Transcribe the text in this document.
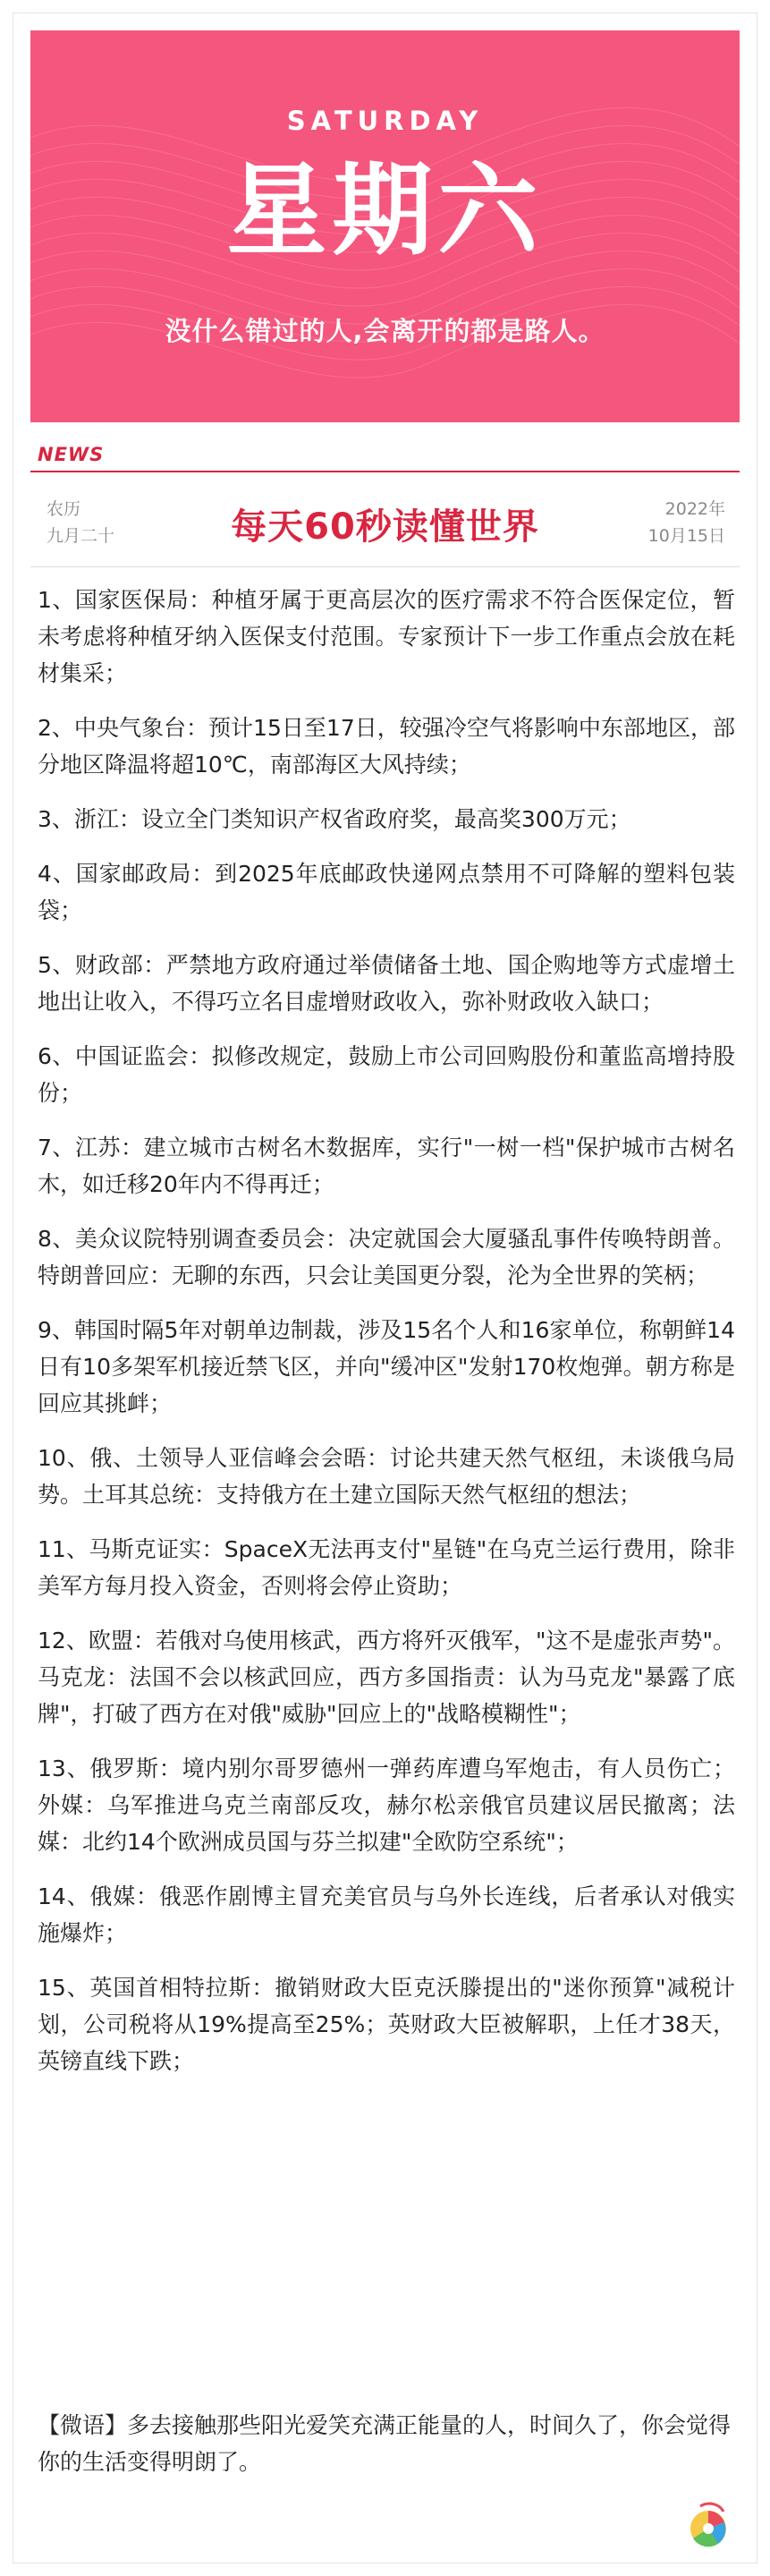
SATURDAY
星期六
没什么错过的人,会离开的都是路人。
NEWS
农历
九月二十	每天60秒读懂世界	2022年
10月15日
1、国家医保局：种植牙属于更高层次的医疗需求不符合医保定位，暂未考虑将种植牙纳入医保支付范围。专家预计下一步工作重点会放在耗材集采；
2、中央气象台：预计15日至17日，较强冷空气将影响中东部地区，部分地区降温将超10℃，南部海区大风持续；
3、浙江：设立全门类知识产权省政府奖，最高奖300万元；
4、国家邮政局：到2025年底邮政快递网点禁用不可降解的塑料包装袋；
5、财政部：严禁地方政府通过举债储备土地、国企购地等方式虚增土地出让收入，不得巧立名目虚增财政收入，弥补财政收入缺口；
6、中国证监会：拟修改规定，鼓励上市公司回购股份和董监高增持股份；
7、江苏：建立城市古树名木数据库，实行"一树一档"保护城市古树名木，如迁移20年内不得再迁；
8、美众议院特别调查委员会：决定就国会大厦骚乱事件传唤特朗普。特朗普回应：无聊的东西，只会让美国更分裂，沦为全世界的笑柄；
9、韩国时隔5年对朝单边制裁，涉及15名个人和16家单位，称朝鲜14日有10多架军机接近禁飞区，并向"缓冲区"发射170枚炮弹。朝方称是回应其挑衅；
10、俄、土领导人亚信峰会会晤：讨论共建天然气枢纽，未谈俄乌局势。土耳其总统：支持俄方在土建立国际天然气枢纽的想法；
11、马斯克证实：SpaceX无法再支付"星链"在乌克兰运行费用，除非美军方每月投入资金，否则将会停止资助；
12、欧盟：若俄对乌使用核武，西方将歼灭俄军，"这不是虚张声势"。马克龙：法国不会以核武回应，西方多国指责：认为马克龙"暴露了底牌"，打破了西方在对俄"威胁"回应上的"战略模糊性"；
13、俄罗斯：境内别尔哥罗德州一弹药库遭乌军炮击，有人员伤亡；外媒：乌军推进乌克兰南部反攻，赫尔松亲俄官员建议居民撤离；法媒：北约14个欧洲成员国与芬兰拟建"全欧防空系统"；
14、俄媒：俄恶作剧博主冒充美官员与乌外长连线，后者承认对俄实施爆炸；
15、英国首相特拉斯：撤销财政大臣克沃滕提出的"迷你预算"减税计划，公司税将从19%提高至25%；英财政大臣被解职，上任才38天，英镑直线下跌；

【微语】多去接触那些阳光爱笑充满正能量的人，时间久了，你会觉得你的生活变得明朗了。
